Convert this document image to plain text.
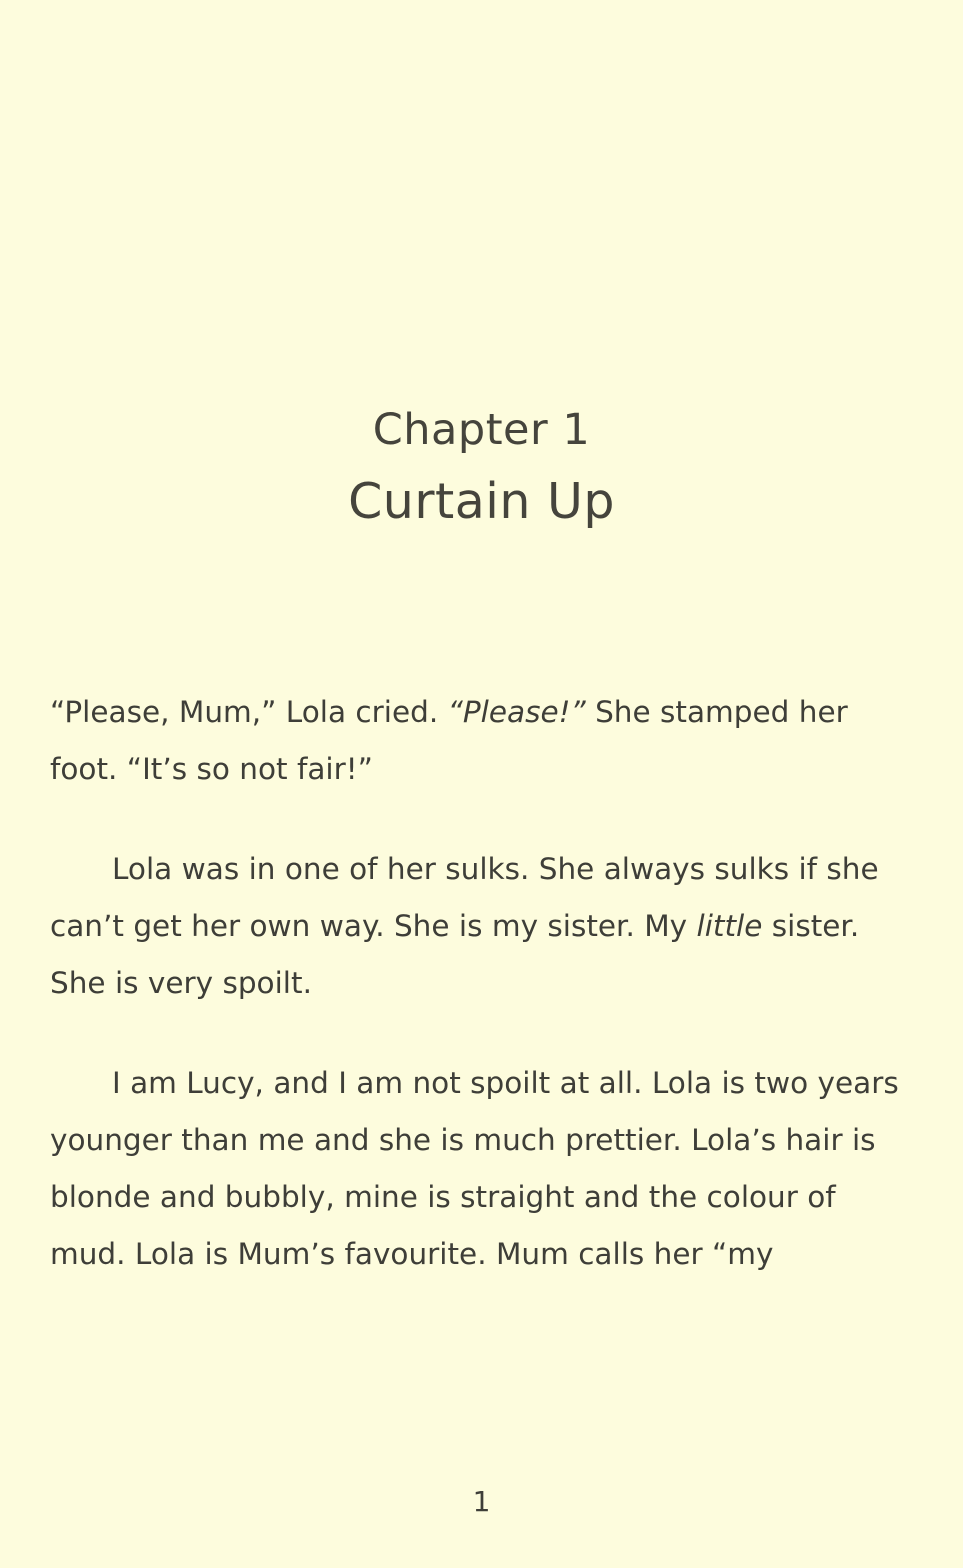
Chapter 1
Curtain Up

“Please, Mum,” Lola cried. “Please!” She stamped her foot. “It’s so not fair!”

Lola was in one of her sulks. She always sulks if she can’t get her own way. She is my sister. My little sister. She is very spoilt.

I am Lucy, and I am not spoilt at all. Lola is two years younger than me and she is much prettier. Lola’s hair is blonde and bubbly, mine is straight and the colour of mud. Lola is Mum’s favourite. Mum calls her “my

1
